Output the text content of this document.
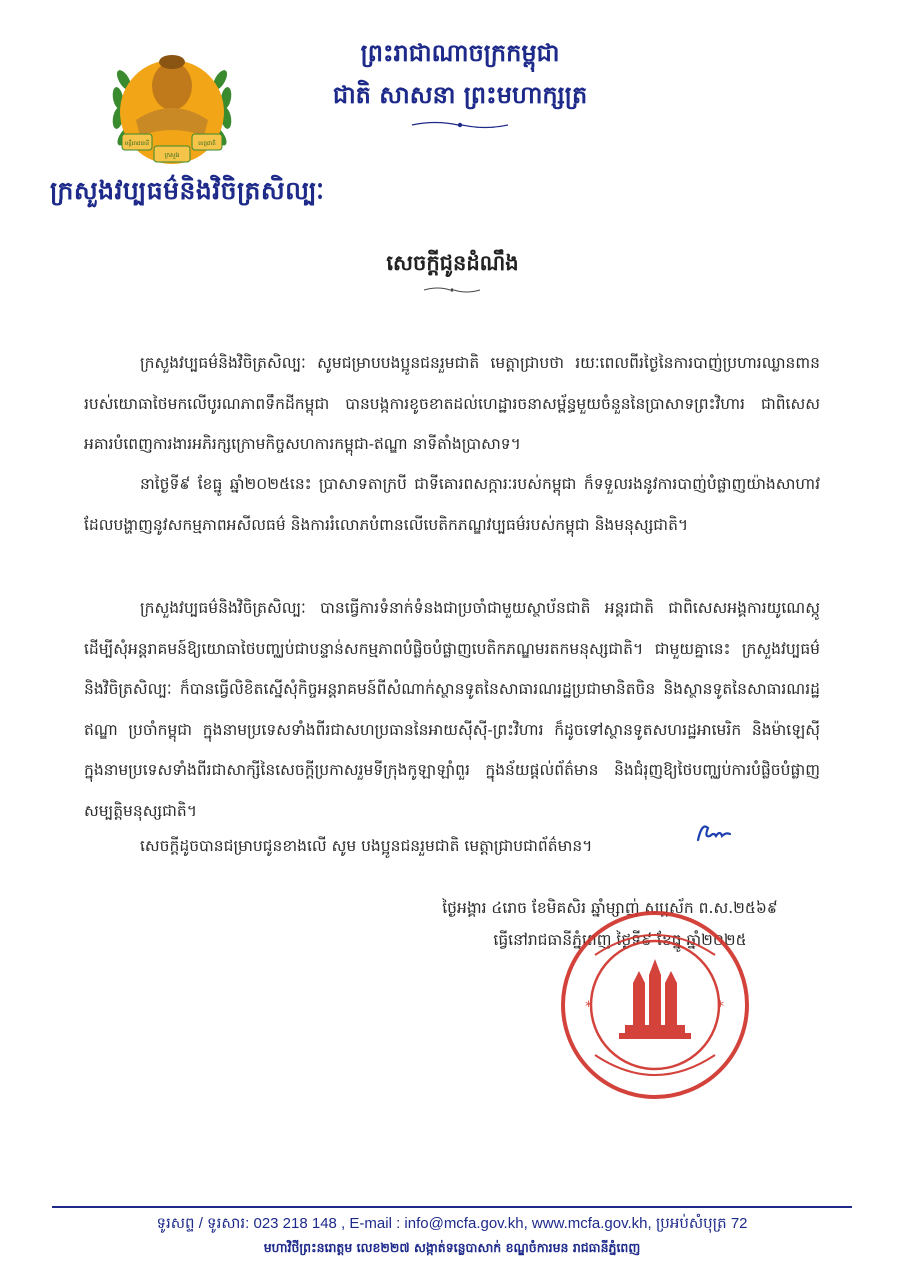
មន្ទីររាជធានី	ខេត្តជាតិ
ក្រសួង
ក្រសួងវប្បធម៌និងវិចិត្រសិល្បៈ
ព្រះរាជាណាចក្រកម្ពុជា
ជាតិ សាសនា ព្រះមហាក្សត្រ
សេចក្តីជូនដំណឹង
ក្រសួងវប្បធម៌និងវិចិត្រសិល្បៈ សូមជម្រាបបងប្អូនជនរួមជាតិ មេត្តាជ្រាបថា រយៈពេលពីរថ្ងៃនៃការបាញ់ប្រហារឈ្លានពានរបស់យោធាថៃមកលើបូរណភាពទឹកដីកម្ពុជា បានបង្កការខូចខាតដល់ហេដ្ឋារចនាសម្ព័ន្ធមួយចំនួននៃប្រាសាទព្រះវិហារ ជាពិសេសអគារបំពេញការងារអភិរក្សក្រោមកិច្ចសហការកម្ពុជា-ឥណ្ឌា នាទីតាំងប្រាសាទ។
នាថ្ងៃទី៩ ខែធ្នូ ឆ្នាំ២០២៥នេះ ប្រាសាទតាក្របី ជាទីគោរពសក្ការៈរបស់កម្ពុជា ក៏ទទួលរងនូវការបាញ់បំផ្លាញយ៉ាងសាហាវ ដែលបង្ហាញនូវសកម្មភាពអសីលធម៌ និងការរំលោភបំពានលើបេតិកភណ្ឌវប្បធម៌របស់កម្ពុជា និងមនុស្សជាតិ។
ក្រសួងវប្បធម៌និងវិចិត្រសិល្បៈ បានធ្វើការទំនាក់ទំនងជាប្រចាំជាមួយស្ថាប័នជាតិ អន្តរជាតិ ជាពិសេសអង្គការយូណេស្កូ ដើម្បីសុំអន្តរាគមន៍ឱ្យយោធាថៃបញ្ឈប់ជាបន្ទាន់សកម្មភាពបំផ្លិចបំផ្លាញបេតិកភណ្ឌមរតកមនុស្សជាតិ។ ជាមួយគ្នានេះ ក្រសួងវប្បធម៌និងវិចិត្រសិល្បៈ ក៏បានធ្វើលិខិតស្នើសុំកិច្ចអន្តរាគមន៍ពីសំណាក់ស្ថានទូតនៃសាធារណរដ្ឋប្រជាមានិតចិន និងស្ថានទូតនៃសាធារណរដ្ឋឥណ្ឌា ប្រចាំកម្ពុជា ក្នុងនាមប្រទេសទាំងពីរជាសហប្រធាននៃអាយស៊ីស៊ី-ព្រះវិហារ ក៏ដូចទៅស្ថានទូតសហរដ្ឋអាមេរិក និងម៉ាឡេស៊ី ក្នុងនាមប្រទេសទាំងពីរជាសាក្សីនៃសេចក្តីប្រកាសរួមទីក្រុងកូឡាឡាំពួរ ក្នុងន័យផ្តល់ព័ត៌មាន និងជំរុញឱ្យថៃបញ្ឈប់ការបំផ្លិចបំផ្លាញសម្បត្តិមនុស្សជាតិ។
សេចក្តីដូចបានជម្រាបជូនខាងលើ សូម បងប្អូនជនរួមជាតិ មេត្តាជ្រាបជាព័ត៌មាន។
ថ្ងៃអង្គារ ៤រោច ខែមិគសិរ ឆ្នាំម្សាញ់ សប្តស័ក ព.ស.២៥៦៩
ធ្វើនៅរាជធានីភ្នំពេញ ថ្ងៃទី៩ ខែធ្នូ ឆ្នាំ២០២៥
*	*
ទូរសព្ទ / ទូរសារ: 023 218 148 , E-mail : info@mcfa.gov.kh, www.mcfa.gov.kh, ប្រអប់សំបុត្រ 72
មហាវិថីព្រះនរោត្តម លេខ២២៧ សង្កាត់ទន្លេបាសាក់ ខណ្ឌចំការមន រាជធានីភ្នំពេញ
